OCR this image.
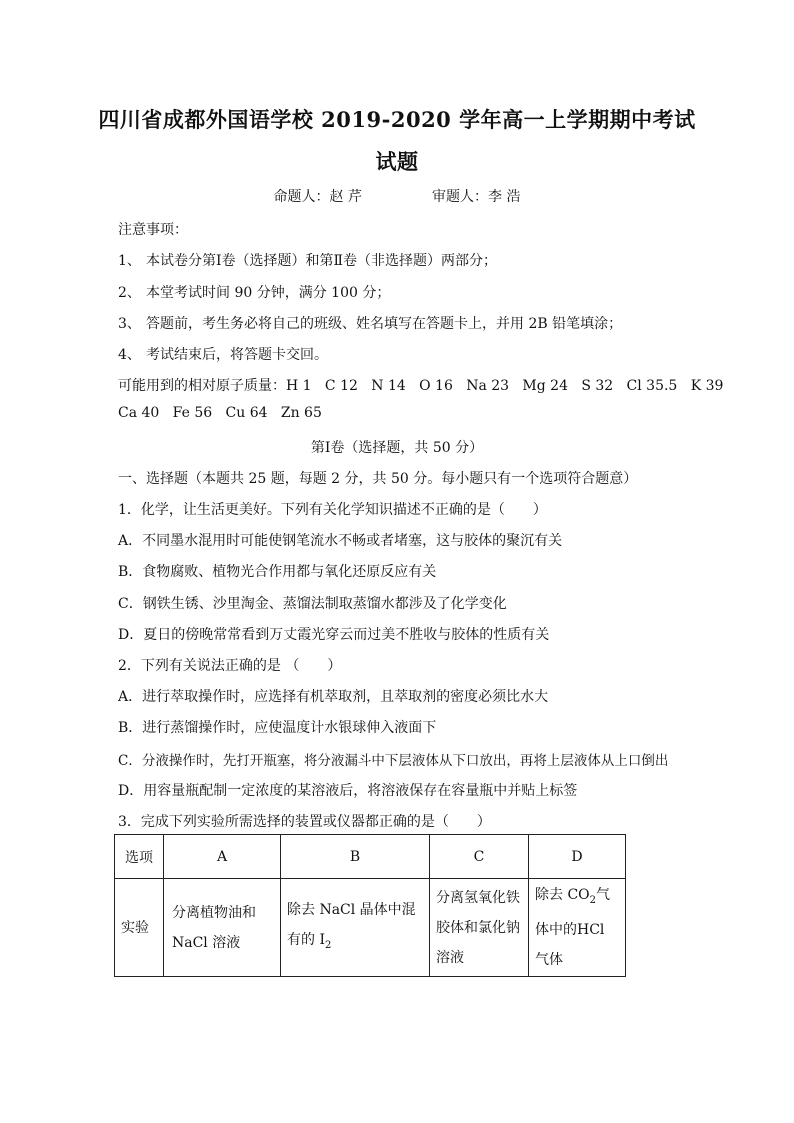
四川省成都外国语学校 2019-2020 学年高一上学期期中考试
试题
命题人：赵 芹	审题人：李 浩
注意事项：
1、 本试卷分第Ⅰ卷（选择题）和第Ⅱ卷（非选择题）两部分；
2、 本堂考试时间 90 分钟，满分 100 分；
3、 答题前，考生务必将自己的班级、姓名填写在答题卡上，并用 2B 铅笔填涂；
4、 考试结束后，将答题卡交回。
可能用到的相对原子质量：H 1   C 12   N 14   O 16   Na 23   Mg 24   S 32   Cl 35.5   K 39
Ca 40   Fe 56   Cu 64   Zn 65
第Ⅰ卷（选择题，共 50 分）
一、选择题（本题共 25 题，每题 2 分，共 50 分。每小题只有一个选项符合题意）
1．化学，让生活更美好。下列有关化学知识描述不正确的是（　　）
A．不同墨水混用时可能使钢笔流水不畅或者堵塞，这与胶体的聚沉有关
B．食物腐败、植物光合作用都与氧化还原反应有关
C．钢铁生锈、沙里淘金、蒸馏法制取蒸馏水都涉及了化学变化
D．夏日的傍晚常常看到万丈霞光穿云而过美不胜收与胶体的性质有关
2．下列有关说法正确的是 （　　）
A．进行萃取操作时，应选择有机萃取剂，且萃取剂的密度必须比水大
B．进行蒸馏操作时，应使温度计水银球伸入液面下
C．分液操作时，先打开瓶塞，将分液漏斗中下层液体从下口放出，再将上层液体从上口倒出
D．用容量瓶配制一定浓度的某溶液后，将溶液保存在容量瓶中并贴上标签
3．完成下列实验所需选择的装置或仪器都正确的是（　　）
选项	A	B	C	D
实验	分离植物油和NaCl 溶液	除去 NaCl 晶体中混有的 $I_2$	分离氢氧化铁胶体和氯化钠溶液	除去 $CO_2$气体中的HCl 气体
